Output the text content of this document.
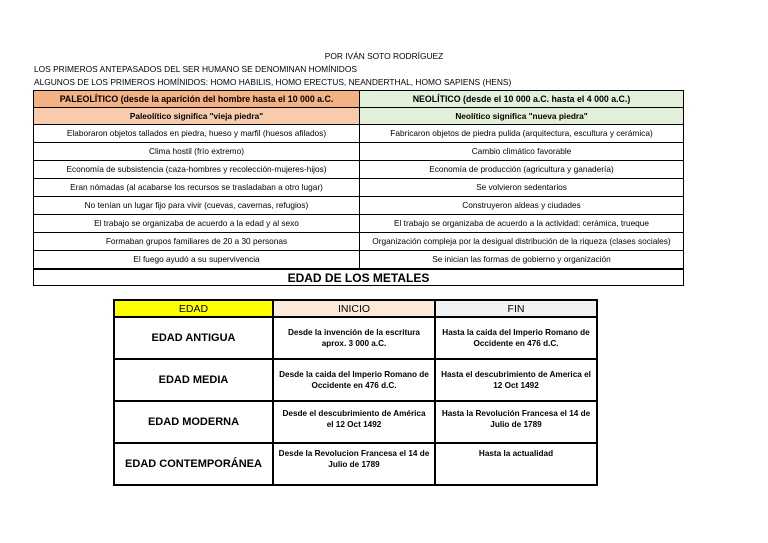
POR IVÁN SOTO RODRÍGUEZ
LOS PRIMEROS ANTEPASADOS DEL SER HUMANO SE DENOMINAN HOMÍNIDOS
ALGUNOS DE LOS PRIMEROS HOMÍNIDOS: HOMO HABILIS, HOMO ERECTUS, NEANDERTHAL, HOMO SAPIENS (HENS)
PALEOLÍTICO (desde la aparición del hombre hasta el 10 000 a.C.	NEOLÍTICO (desde el 10 000 a.C. hasta el 4 000 a.C.)
Paleolítico significa "vieja piedra"	Neolítico significa "nueva piedra"
Elaboraron objetos tallados en piedra, hueso y marfil (huesos afilados)	Fabricaron objetos de piedra pulida (arquitectura, escultura y cerámica)
Clima hostil (frío extremo)	Cambio climático favorable
Economía de subsistencia (caza-hombres y recolección-mujeres-hijos)	Economía de producción (agricultura y ganadería)
Eran nómadas (al acabarse los recursos se trasladaban a otro lugar)	Se volvieron sedentarios
No tenían un lugar fijo para vivir (cuevas, cavernas, refugios)	Construyeron aldeas y ciudades
El trabajo se organizaba de acuerdo a la edad y al sexo	El trabajo se organizaba de acuerdo a la actividad: cerámica, trueque
Formaban grupos familiares de 20 a 30 personas	Organización compleja por la desigual distribución de la riqueza (clases sociales)
El fuego ayudó a su supervivencia	Se inician las formas de gobierno y organización
EDAD DE LOS METALES	
EDAD	INICIO	FIN
EDAD ANTIGUA	Desde la invención de la escritura aprox. 3 000 a.C.	Hasta la caida del Imperio Romano de Occidente en 476 d.C.
EDAD MEDIA	Desde la caida del Imperio Romano de Occidente en 476 d.C.	Hasta el descubrimiento de America el 12 Oct 1492
EDAD MODERNA	Desde el descubrimiento de América el 12 Oct 1492	Hasta la Revolución Francesa el 14 de Julio de 1789
EDAD CONTEMPORÁNEA	Desde la Revolucion Francesa el 14 de Julio de 1789	Hasta la actualidad
